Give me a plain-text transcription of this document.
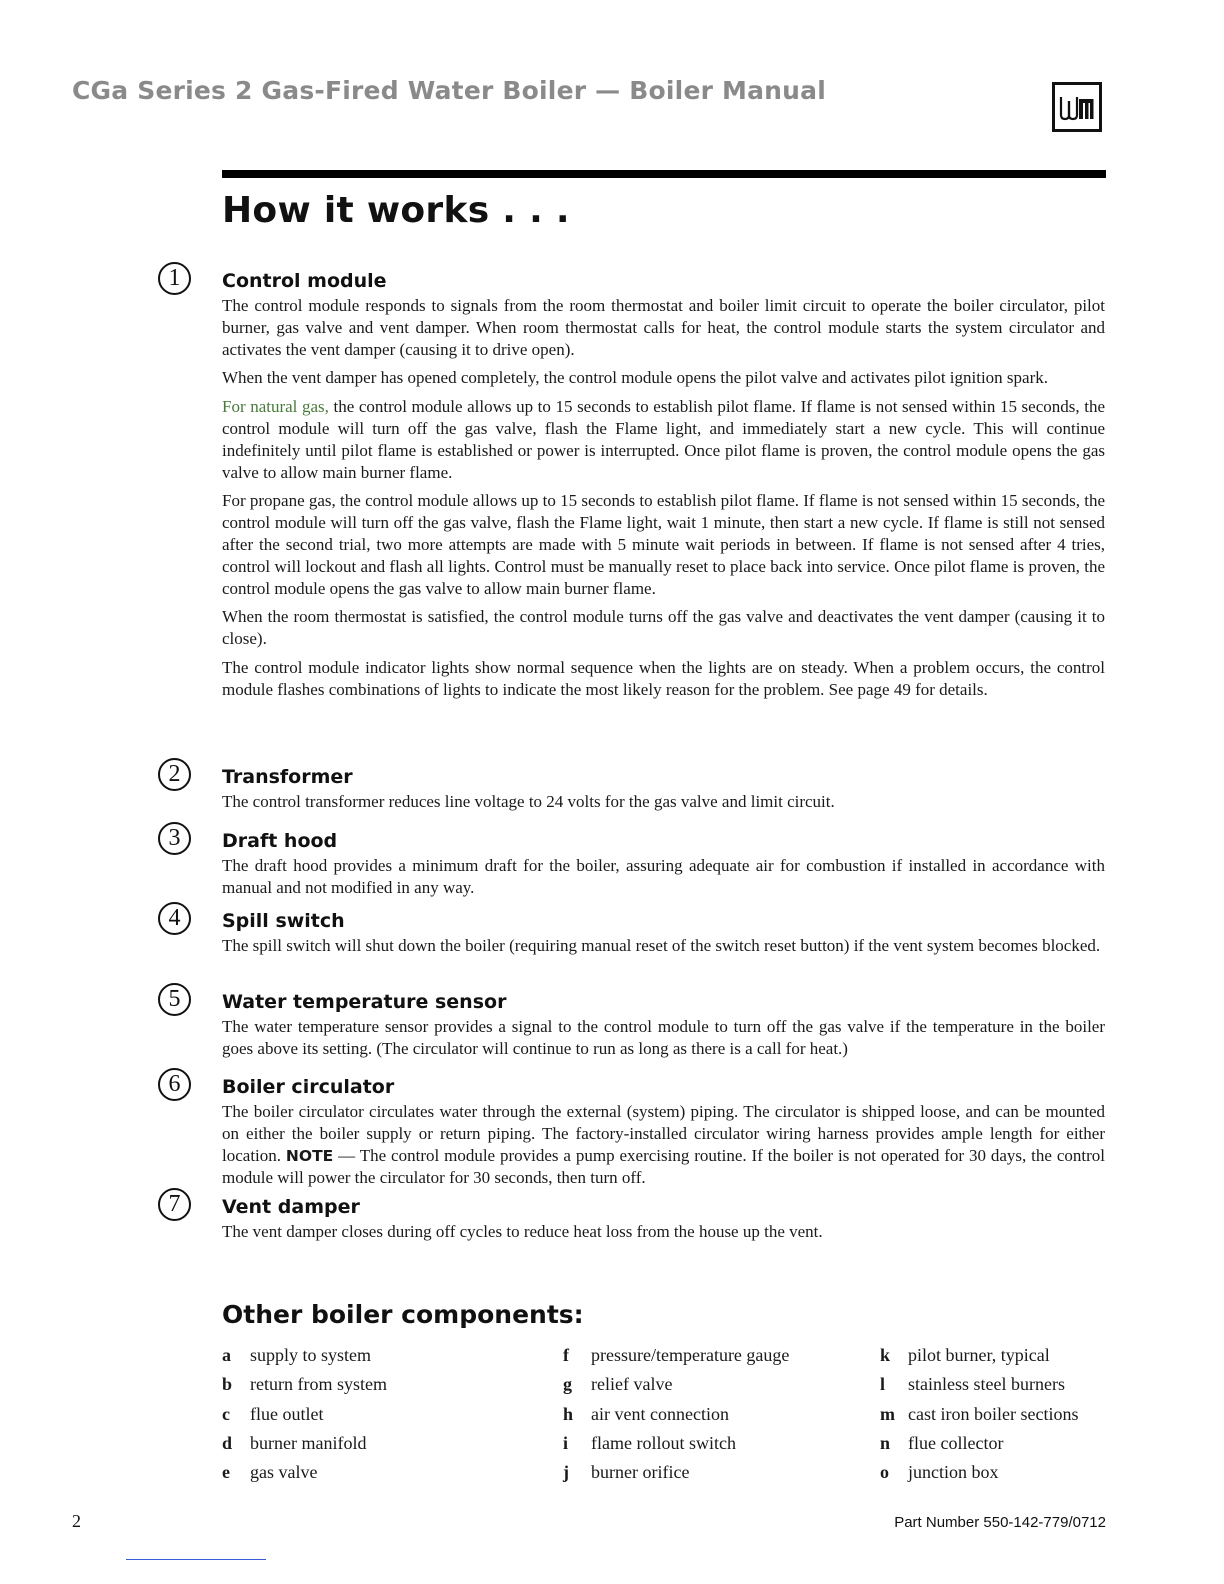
CGa Series 2 Gas-Fired Water Boiler — Boiler Manual
How it works . . .
1	Control module

The control module responds to signals from the room thermostat and boiler limit circuit to operate the boiler circulator, pilot burner, gas valve and vent damper. When room thermostat calls for heat, the control module starts the system circulator and activates the vent damper (causing it to drive open).

When the vent damper has opened completely, the control module opens the pilot valve and activates pilot ignition spark.

For natural gas, the control module allows up to 15 seconds to establish pilot flame. If flame is not sensed within 15 seconds, the control module will turn off the gas valve, flash the Flame light, and immediately start a new cycle. This will continue indefinitely until pilot flame is established or power is interrupted. Once pilot flame is proven, the control module opens the gas valve to allow main burner flame.

For propane gas, the control module allows up to 15 seconds to establish pilot flame. If flame is not sensed within 15 seconds, the control module will turn off the gas valve, flash the Flame light, wait 1 minute, then start a new cycle. If flame is still not sensed after the second trial, two more attempts are made with 5 minute wait periods in between. If flame is not sensed after 4 tries, control will lockout and flash all lights. Control must be manually reset to place back into service. Once pilot flame is proven, the control module opens the gas valve to allow main burner flame.

When the room thermostat is satisfied, the control module turns off the gas valve and deactivates the vent damper (causing it to close).

The control module indicator lights show normal sequence when the lights are on steady. When a problem occurs, the control module flashes combinations of lights to indicate the most likely reason for the problem. See page 49 for details.

2	Transformer

The control transformer reduces line voltage to 24 volts for the gas valve and limit circuit.

3	Draft hood

The draft hood provides a minimum draft for the boiler, assuring adequate air for combustion if installed in accordance with manual and not modified in any way.

4	Spill switch

The spill switch will shut down the boiler (requiring manual reset of the switch reset button) if the vent system becomes blocked.

5	Water temperature sensor

The water temperature sensor provides a signal to the control module to turn off the gas valve if the temperature in the boiler goes above its setting. (The circulator will continue to run as long as there is a call for heat.)

6	Boiler circulator

The boiler circulator circulates water through the external (system) piping. The circulator is shipped loose, and can be mounted on either the boiler supply or return piping. The factory-installed circulator wiring harness provides ample length for either location. NOTE — The control module provides a pump exercising routine. If the boiler is not operated for 30 days, the control module will power the circulator for 30 seconds, then turn off.

7	Vent damper

The vent damper closes during off cycles to reduce heat loss from the house up the vent.

Other boiler components:
a supply to system
b return from system
c flue outlet
d burner manifold
e gas valve
f pressure/temperature gauge
g relief valve
h air vent connection
i flame rollout switch
j burner orifice
k pilot burner, typical
l stainless steel burners
m cast iron boiler sections
n flue collector
o junction box
2	Part Number 550-142-779/0712
